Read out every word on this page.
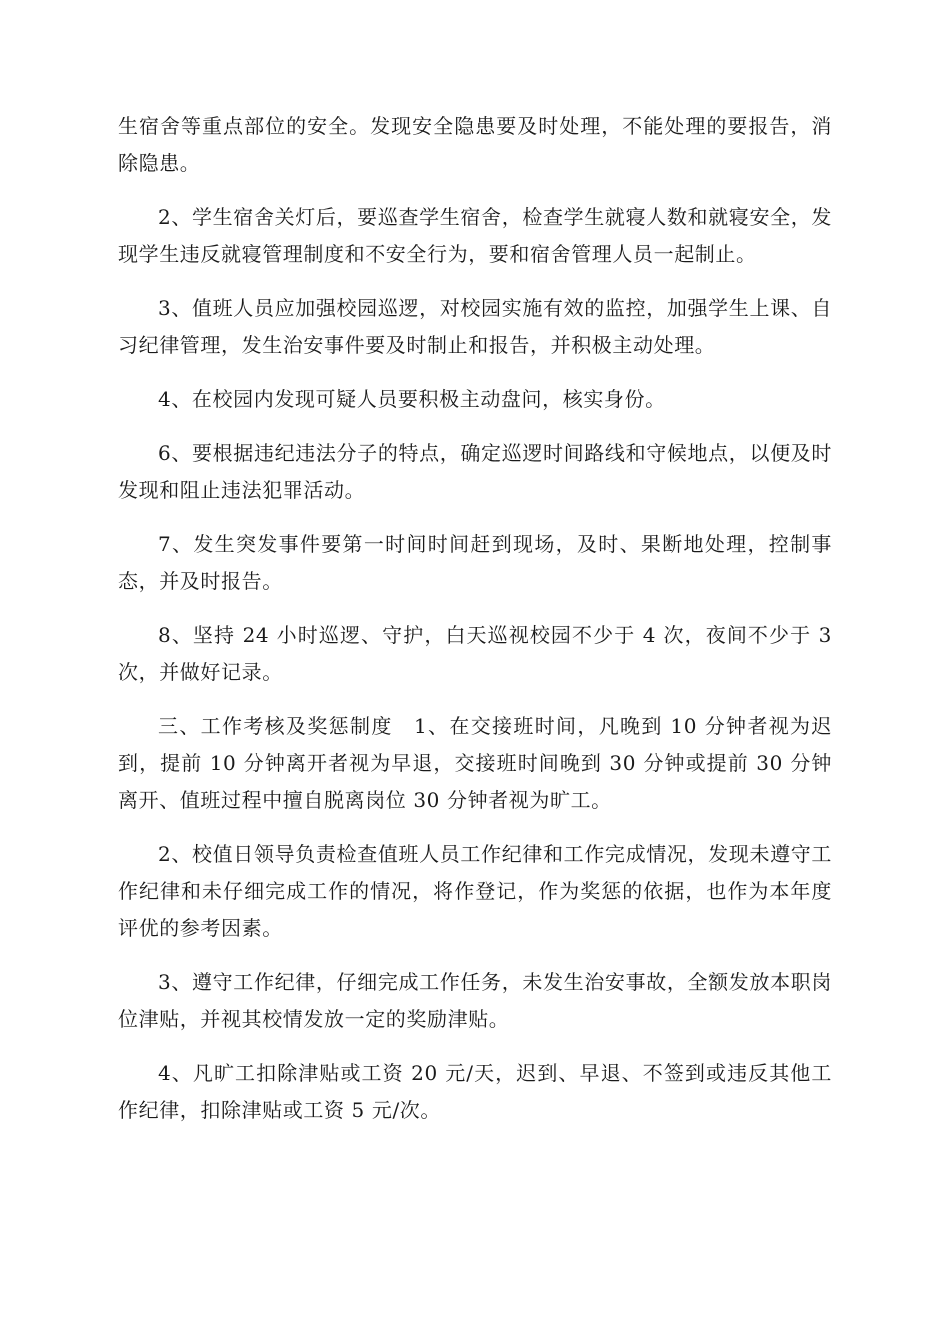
生宿舍等重点部位的安全。发现安全隐患要及时处理，不能处理的要报告，消除隐患。

2、学生宿舍关灯后，要巡查学生宿舍，检查学生就寝人数和就寝安全，发现学生违反就寝管理制度和不安全行为，要和宿舍管理人员一起制止。

3、值班人员应加强校园巡逻，对校园实施有效的监控，加强学生上课、自习纪律管理，发生治安事件要及时制止和报告，并积极主动处理。

4、在校园内发现可疑人员要积极主动盘问，核实身份。

6、要根据违纪违法分子的特点，确定巡逻时间路线和守候地点，以便及时发现和阻止违法犯罪活动。

7、发生突发事件要第一时间时间赶到现场，及时、果断地处理，控制事态，并及时报告。

8、坚持 24 小时巡逻、守护，白天巡视校园不少于 4 次，夜间不少于 3 次，并做好记录。

三、工作考核及奖惩制度　1、在交接班时间，凡晚到 10 分钟者视为迟到，提前 10 分钟离开者视为早退，交接班时间晚到 30 分钟或提前 30 分钟离开、值班过程中擅自脱离岗位 30 分钟者视为旷工。

2、校值日领导负责检查值班人员工作纪律和工作完成情况，发现未遵守工作纪律和未仔细完成工作的情况，将作登记，作为奖惩的依据，也作为本年度评优的参考因素。

3、遵守工作纪律，仔细完成工作任务，未发生治安事故，全额发放本职岗位津贴，并视其校情发放一定的奖励津贴。

4、凡旷工扣除津贴或工资 20 元/天，迟到、早退、不签到或违反其他工作纪律，扣除津贴或工资 5 元/次。
